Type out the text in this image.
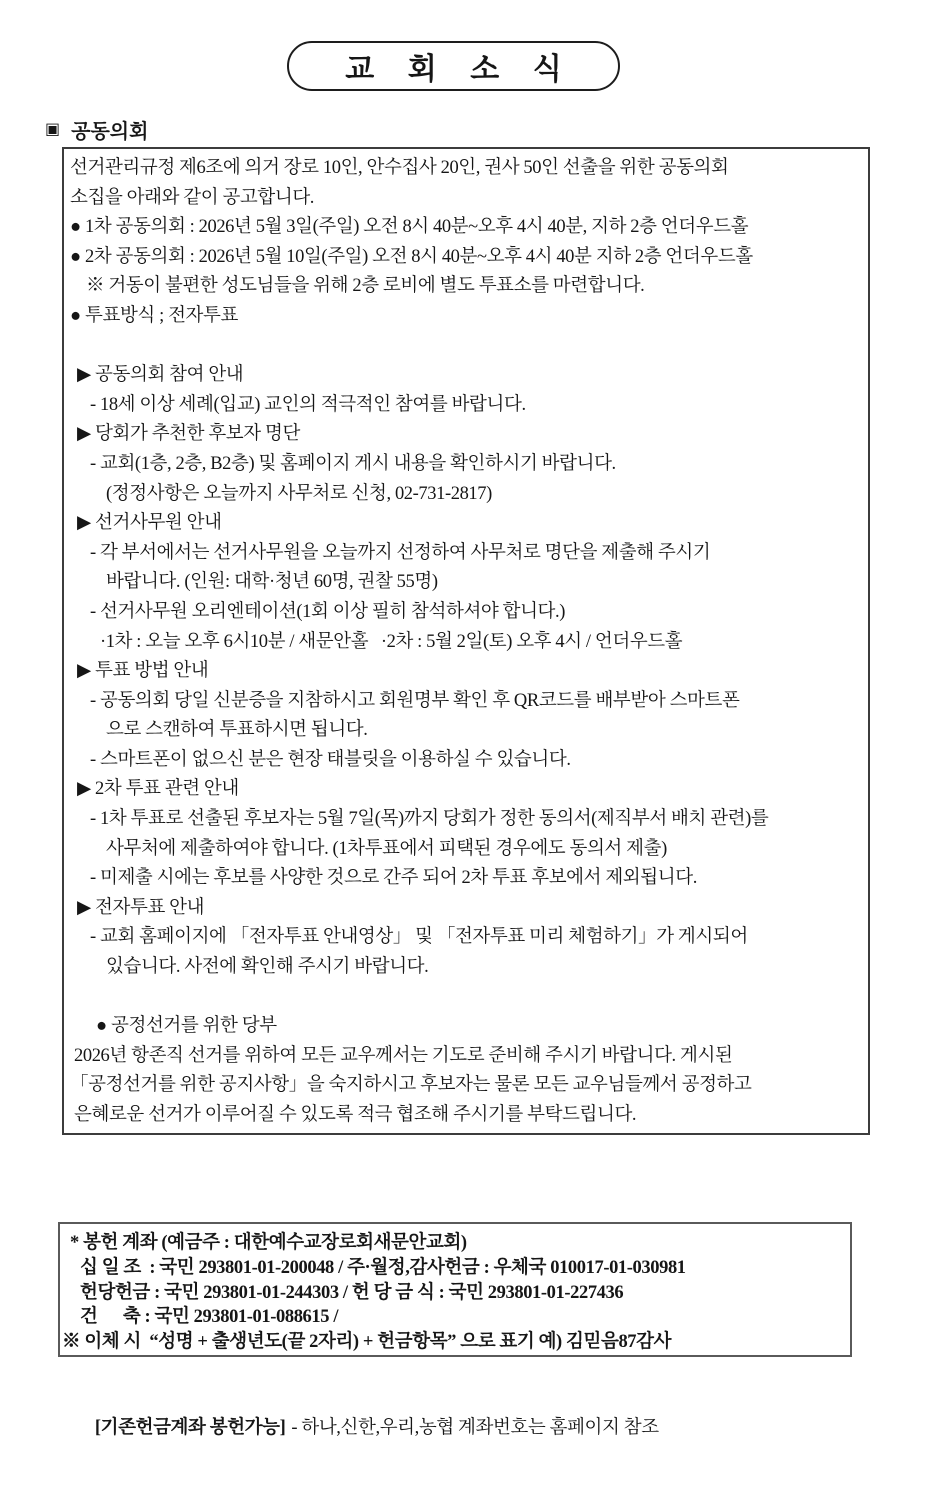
교 회 소 식
▣ 공동의회
선거관리규정 제6조에 의거 장로 10인, 안수집사 20인, 권사 50인 선출을 위한 공동의회
소집을 아래와 같이 공고합니다.
● 1차 공동의회 : 2026년 5월 3일(주일) 오전 8시 40분~오후 4시 40분, 지하 2층 언더우드홀
● 2차 공동의회 : 2026년 5월 10일(주일) 오전 8시 40분~오후 4시 40분 지하 2층 언더우드홀
※ 거동이 불편한 성도님들을 위해 2층 로비에 별도 투표소를 마련합니다.
● 투표방식 ; 전자투표
▶ 공동의회 참여 안내
- 18세 이상 세례(입교) 교인의 적극적인 참여를 바랍니다.
▶ 당회가 추천한 후보자 명단
- 교회(1층, 2층, B2층) 및 홈페이지 게시 내용을 확인하시기 바랍니다.
(정정사항은 오늘까지 사무처로 신청, 02-731-2817)
▶ 선거사무원 안내
- 각 부서에서는 선거사무원을 오늘까지 선정하여 사무처로 명단을 제출해 주시기
바랍니다. (인원: 대학·청년 60명, 권찰 55명)
- 선거사무원 오리엔테이션(1회 이상 필히 참석하셔야 합니다.)
·1차 : 오늘 오후 6시10분 / 새문안홀   ·2차 : 5월 2일(토) 오후 4시 / 언더우드홀
▶ 투표 방법 안내
- 공동의회 당일 신분증을 지참하시고 회원명부 확인 후 QR코드를 배부받아 스마트폰
으로 스캔하여 투표하시면 됩니다.
- 스마트폰이 없으신 분은 현장 태블릿을 이용하실 수 있습니다.
▶ 2차 투표 관련 안내
- 1차 투표로 선출된 후보자는 5월 7일(목)까지 당회가 정한 동의서(제직부서 배치 관련)를
사무처에 제출하여야 합니다. (1차투표에서 피택된 경우에도 동의서 제출)
- 미제출 시에는 후보를 사양한 것으로 간주 되어 2차 투표 후보에서 제외됩니다.
▶ 전자투표 안내
- 교회 홈페이지에 「전자투표 안내영상」 및 「전자투표 미리 체험하기」가 게시되어
있습니다. 사전에 확인해 주시기 바랍니다.
● 공정선거를 위한 당부
2026년 항존직 선거를 위하여 모든 교우께서는 기도로 준비해 주시기 바랍니다. 게시된
「공정선거를 위한 공지사항」을 숙지하시고 후보자는 물론 모든 교우님들께서 공정하고
은혜로운 선거가 이루어질 수 있도록 적극 협조해 주시기를 부탁드립니다.
* 봉헌 계좌 (예금주 : 대한예수교장로회새문안교회)
십 일 조  : 국민 293801-01-200048 / 주·월정,감사헌금 : 우체국 010017-01-030981
헌당헌금 : 국민 293801-01-244303 / 헌 당 금 식 : 국민 293801-01-227436
건      축 : 국민 293801-01-088615 /
※ 이체 시  “성명 + 출생년도(끝 2자리) + 헌금항목” 으로 표기 예) 김믿음87감사

[기존헌금계좌 봉헌가능] - 하나,신한,우리,농협 계좌번호는 홈페이지 참조
